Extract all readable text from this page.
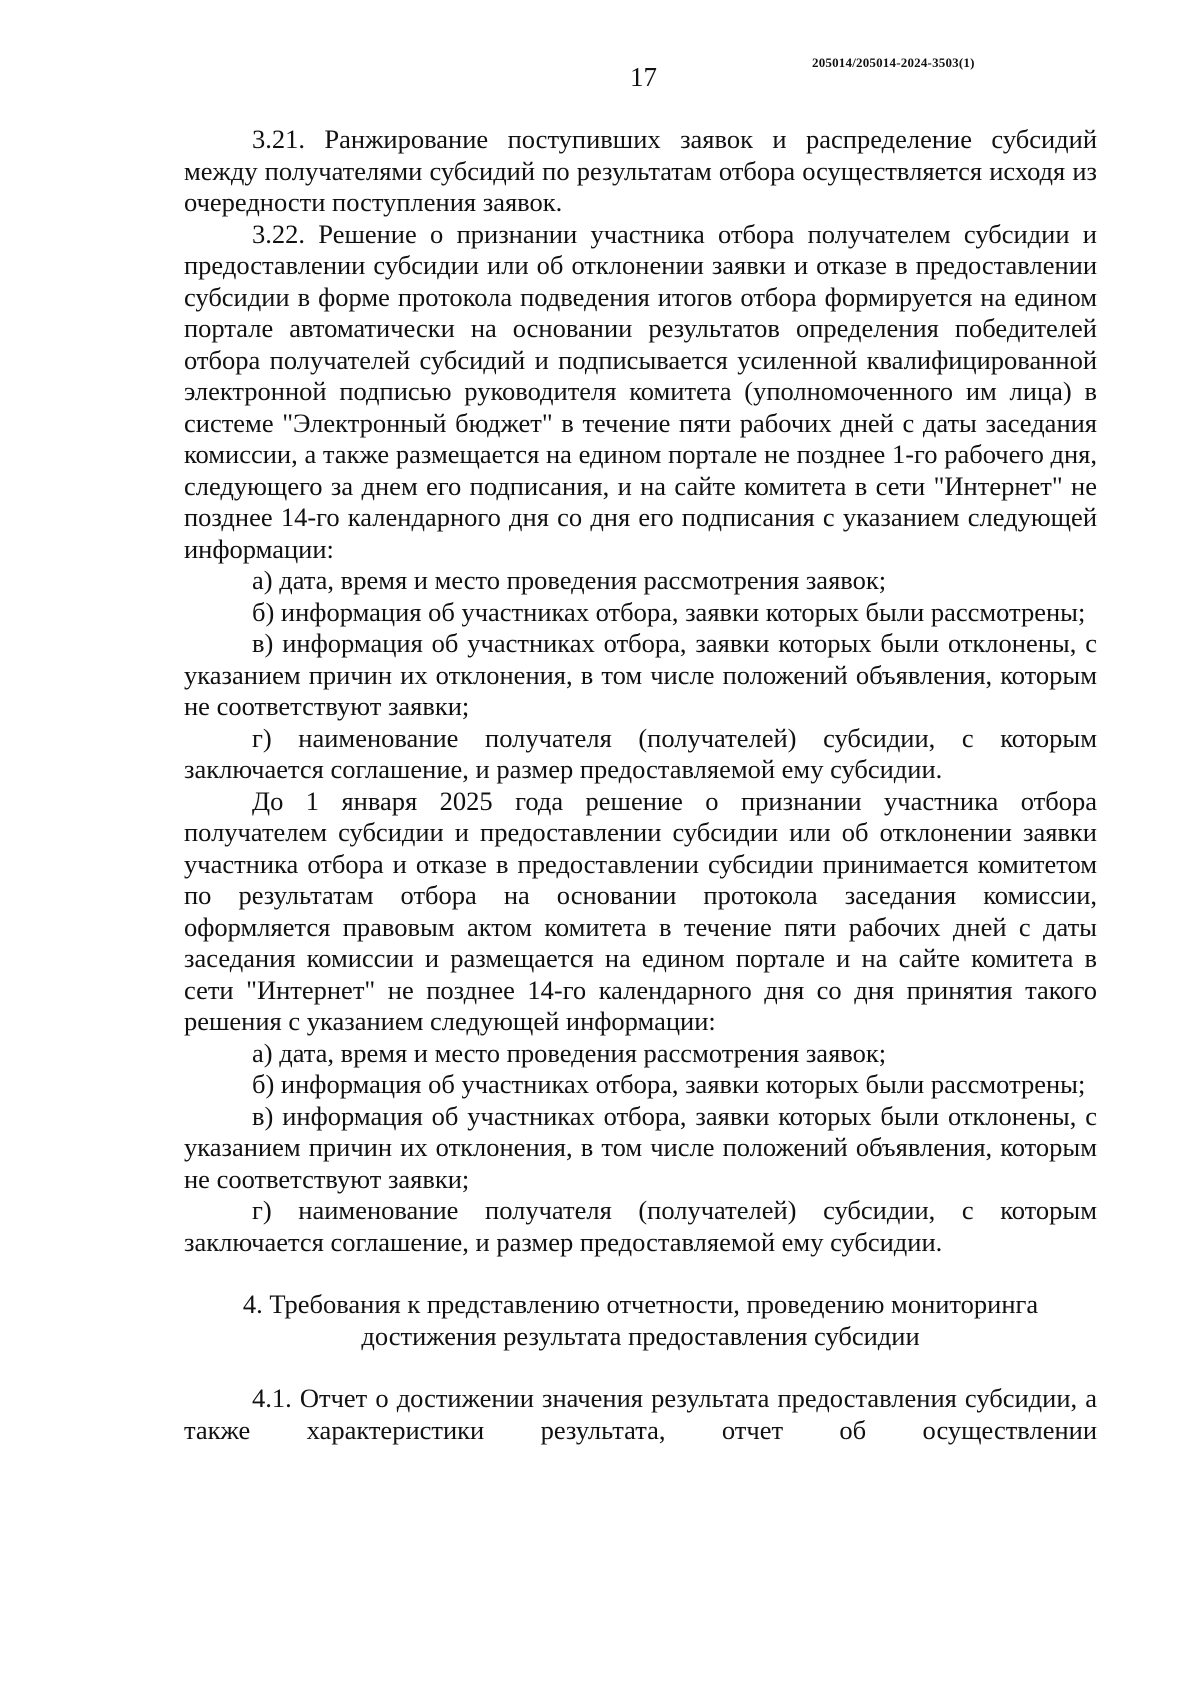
205014/205014-2024-3503(1)
17

3.21. Ранжирование поступивших заявок и распределение субсидий между получателями субсидий по результатам отбора осуществляется исходя из очередности поступления заявок.

3.22. Решение о признании участника отбора получателем субсидии и предоставлении субсидии или об отклонении заявки и отказе в предоставлении субсидии в форме протокола подведения итогов отбора формируется на едином портале автоматически на основании результатов определения победителей отбора получателей субсидий и подписывается усиленной квалифицированной электронной подписью руководителя комитета (уполномоченного им лица) в системе "Электронный бюджет" в течение пяти рабочих дней с даты заседания комиссии, а также размещается на едином портале не позднее 1-го рабочего дня, следующего за днем его подписания, и на сайте комитета в сети "Интернет" не позднее 14-го календарного дня со дня его подписания с указанием следующей информации:

а) дата, время и место проведения рассмотрения заявок;

б) информация об участниках отбора, заявки которых были рассмотрены;

в) информация об участниках отбора, заявки которых были отклонены, с указанием причин их отклонения, в том числе положений объявления, которым не соответствуют заявки;

г) наименование получателя (получателей) субсидии, с которым заключается соглашение, и размер предоставляемой ему субсидии.

До 1 января 2025 года решение о признании участника отбора получателем субсидии и предоставлении субсидии или об отклонении заявки участника отбора и отказе в предоставлении субсидии принимается комитетом по результатам отбора на основании протокола заседания комиссии, оформляется правовым актом комитета в течение пяти рабочих дней с даты заседания комиссии и размещается на едином портале и на сайте комитета в сети "Интернет" не позднее 14-го календарного дня со дня принятия такого решения с указанием следующей информации:

а) дата, время и место проведения рассмотрения заявок;

б) информация об участниках отбора, заявки которых были рассмотрены;

в) информация об участниках отбора, заявки которых были отклонены, с указанием причин их отклонения, в том числе положений объявления, которым не соответствуют заявки;

г) наименование получателя (получателей) субсидии, с которым заключается соглашение, и размер предоставляемой ему субсидии.

4. Требования к представлению отчетности, проведению мониторинга достижения результата предоставления субсидии

4.1. Отчет о достижении значения результата предоставления субсидии, а также характеристики результата, отчет об осуществлении
